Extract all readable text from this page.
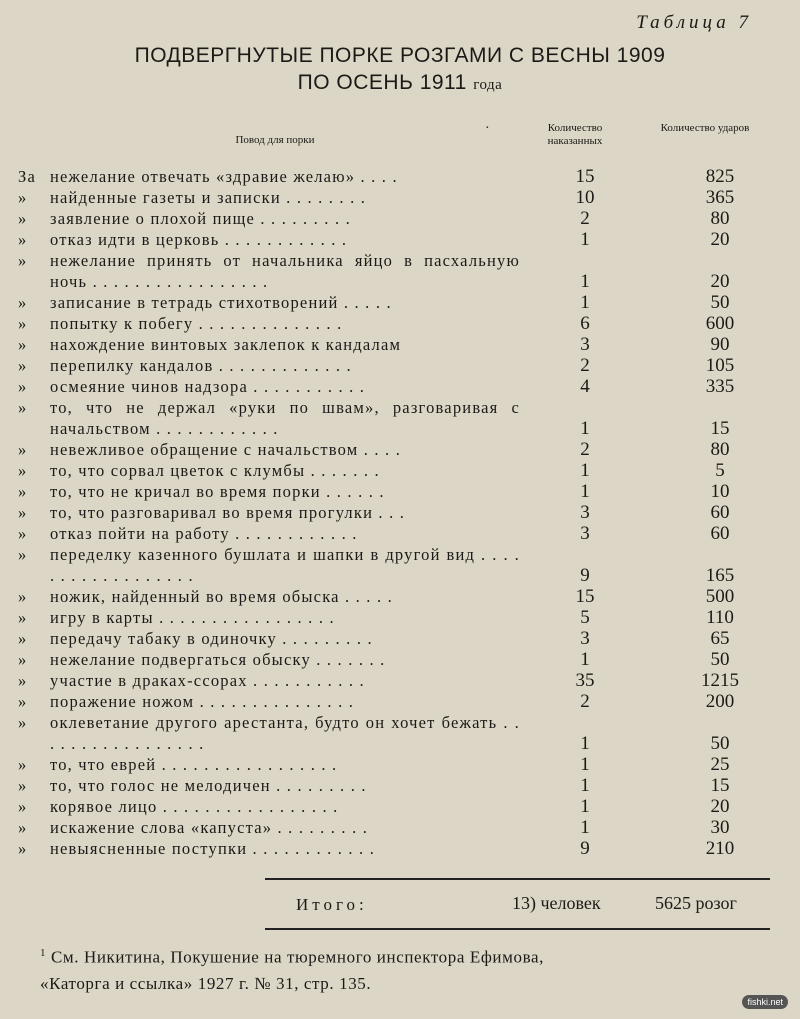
Таблица 7
ПОДВЕРГНУТЫЕ ПОРКЕ РОЗГАМИ С ВЕСНЫ 1909
ПО ОСЕНЬ 1911 года
·
Повод для порки
Количество наказанных
Количество ударов
За нежелание отвечать «здравие желаю» . . . .	15	825
»	найденные газеты и записки . . . . . . . .	10	365
»	заявление о плохой пище . . . . . . . . .	2	80
»	отказ идти в церковь . . . . . . . . . . . .	1	20
»	нежелание принять от начальника яйцо в пасхальную ночь . . . . . . . . . . . . . . . . .	1	20
»	записание в тетрадь стихотворений . . . . .	1	50
»	попытку к побегу . . . . . . . . . . . . . .	6	600
»	нахождение винтовых заклепок к кандалам	3	90
»	перепилку кандалов . . . . . . . . . . . . .	2	105
»	осмеяние чинов надзора . . . . . . . . . . .	4	335
»	то, что не держал «руки по швам», разговаривая с начальством . . . . . . . . . . . .	1	15
»	невежливое обращение с начальством . . . .	2	80
»	то, что сорвал цветок с клумбы . . . . . . .	1	5
»	то, что не кричал во время порки . . . . . .	1	10
»	то, что разговаривал во время прогулки . . .	3	60
»	отказ пойти на работу . . . . . . . . . . . .	3	60
»	переделку казенного бушлата и шапки в другой вид . . . . . . . . . . . . . . . . . .	9	165
»	ножик, найденный во время обыска . . . . .	15	500
»	игру в карты . . . . . . . . . . . . . . . . .	5	110
»	передачу табаку в одиночку . . . . . . . . .	3	65
»	нежелание подвергаться обыску . . . . . . .	1	50
»	участие в драках-ссорах . . . . . . . . . . .	35	1215
»	поражение ножом . . . . . . . . . . . . . . .	2	200
»	оклеветание другого арестанта, будто он хочет бежать . . . . . . . . . . . . . . . . .	1	50
»	то, что еврей . . . . . . . . . . . . . . . . .	1	25
»	то, что голос не мелодичен . . . . . . . . .	1	15
»	корявое лицо . . . . . . . . . . . . . . . . .	1	20
»	искажение слова «капуста» . . . . . . . . .	1	30
»	невыясненные поступки . . . . . . . . . . . .	9	210
Итого:	13) человек	5625 розог
$^1$ См. Никитина, Покушение на тюремного инспектора Ефимова,
«Каторга и ссылка» 1927 г. № 31, стр. 135.
fishki.net
